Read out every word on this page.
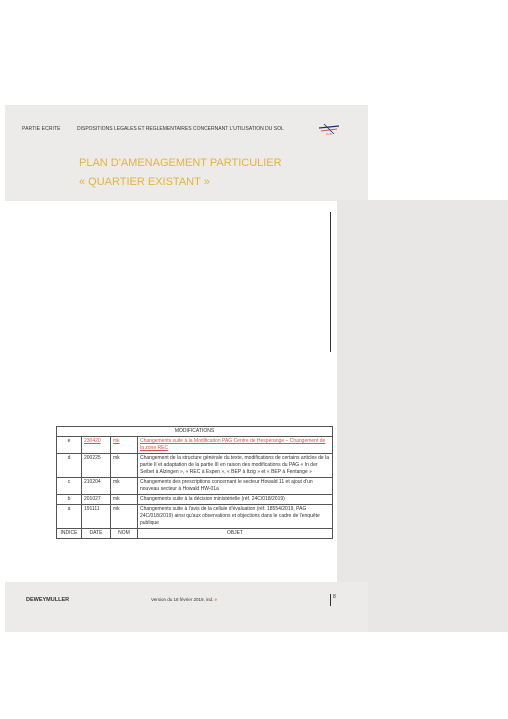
PARTIE ECRITE	DISPOSITIONS LEGALES ET REGLEMENTAIRES CONCERNANT L'UTILISATION DU SOL
Z+B
PLAN D'AMENAGEMENT PARTICULIER
« QUARTIER EXISTANT »
MODIFICATIONS			
e	230420	mk	Changements suite à la Modification PAG Centre de Hesperange – Changement de la zone REC
d	200225	mk	Changement de la structure générale du texte, modifications de certains articles de la partie II et adaptation de la partie III en raison des modifications du PAG « In der Seibet à Alzingen », « REC à Espen », « BEP à Itzig » et « BEP à Fentange »
c	210204	mk	Changements des prescriptions concernant le secteur Howald 11 et ajout d'un nouveau secteur à Howald HW-01a
b	201027	mk	Changements suite à la décision ministérielle (réf. 24C/018/2019)
a	191111	mk	Changements suite à l'avis de la cellule d'évaluation (réf. 18554/2019, PAG 24C/018/2019) ainsi qu'aux observations et objections dans le cadre de l'enquête publique
INDICE	DATE	NOM	OBJET
DEWEYMULLER	Version du 18 février 2019, ind. e	8
